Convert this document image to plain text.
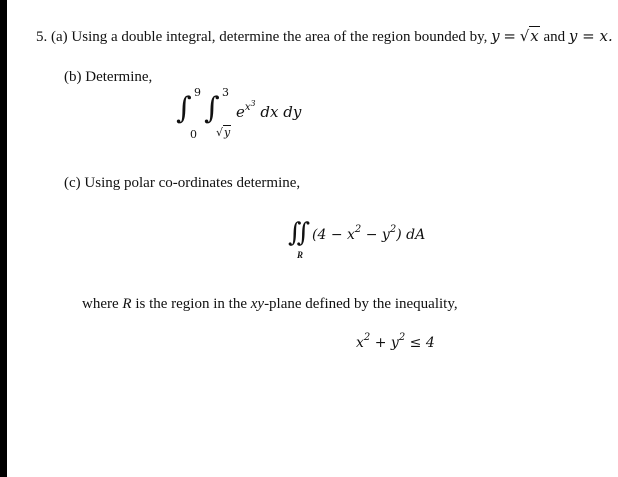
5. (a) Using a double integral, determine the area of the region bounded by, y = √x and y = x.
(b) Determine,
∫ 9
0
∫ 3
√y
$e^{x^3}$ dx dy
(c) Using polar co-ordinates determine,
∬
R
$(4 - x^2 - y^2)$ dA
where R is the region in the xy-plane defined by the inequality,
$x^2 + y^2 \le 4$
